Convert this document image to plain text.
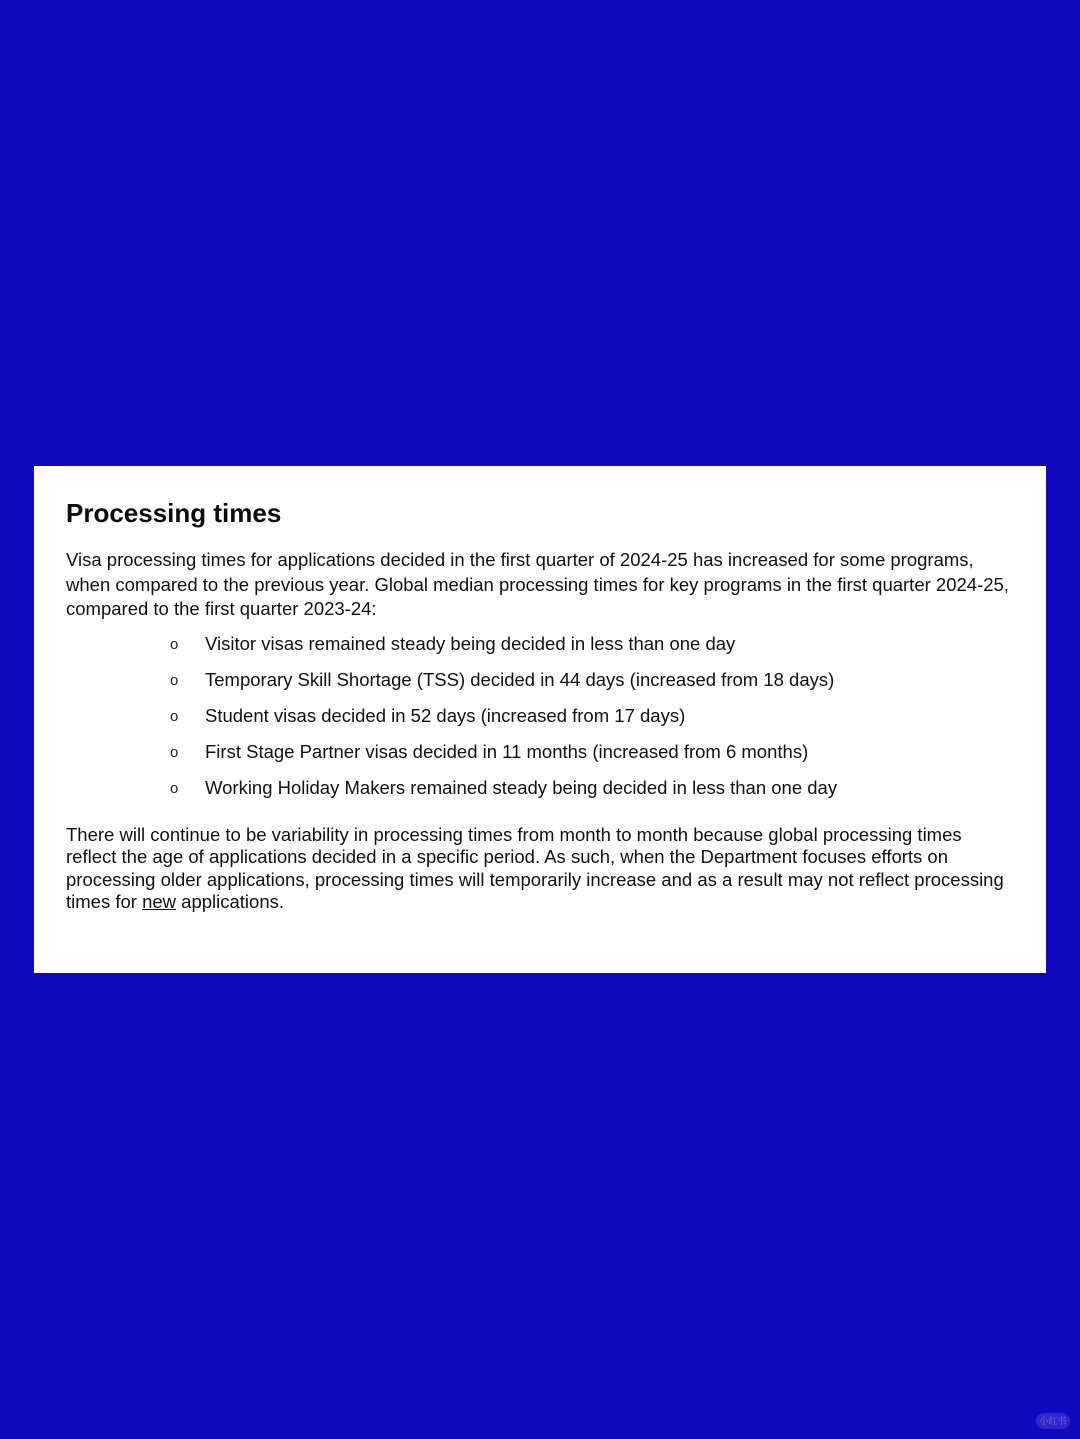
Processing times

Visa processing times for applications decided in the first quarter of 2024-25 has increased for some programs, when compared to the previous year. Global median processing times for key programs in the first quarter 2024-25, compared to the first quarter 2023-24:

o Visitor visas remained steady being decided in less than one day
o Temporary Skill Shortage (TSS) decided in 44 days (increased from 18 days)
o Student visas decided in 52 days (increased from 17 days)
o First Stage Partner visas decided in 11 months (increased from 6 months)
o Working Holiday Makers remained steady being decided in less than one day

There will continue to be variability in processing times from month to month because global processing times reflect the age of applications decided in a specific period. As such, when the Department focuses efforts on processing older applications, processing times will temporarily increase and as a result may not reflect processing times for new applications.

小红书
